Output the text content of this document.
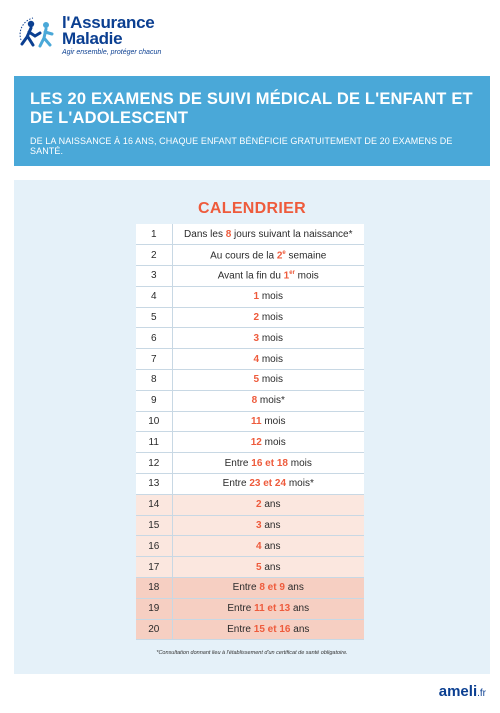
l'Assurance
Maladie
Agir ensemble, protéger chacun
LES 20 EXAMENS DE SUIVI MÉDICAL DE L'ENFANT ET DE L'ADOLESCENT
DE LA NAISSANCE À 16 ANS, CHAQUE ENFANT BÉNÉFICIE GRATUITEMENT DE 20 EXAMENS DE SANTÉ.
CALENDRIER
1	Dans les 8 jours suivant la naissance*
2	Au cours de la 2e semaine
3	Avant la fin du 1er mois
4	1 mois
5	2 mois
6	3 mois
7	4 mois
8	5 mois
9	8 mois*
10	11 mois
11	12 mois
12	Entre 16 et 18 mois
13	Entre 23 et 24 mois*
14	2 ans
15	3 ans
16	4 ans
17	5 ans
18	Entre 8 et 9 ans
19	Entre 11 et 13 ans
20	Entre 15 et 16 ans
*Consultation donnant lieu à l'établissement d'un certificat de santé obligatoire.
ameli.fr
